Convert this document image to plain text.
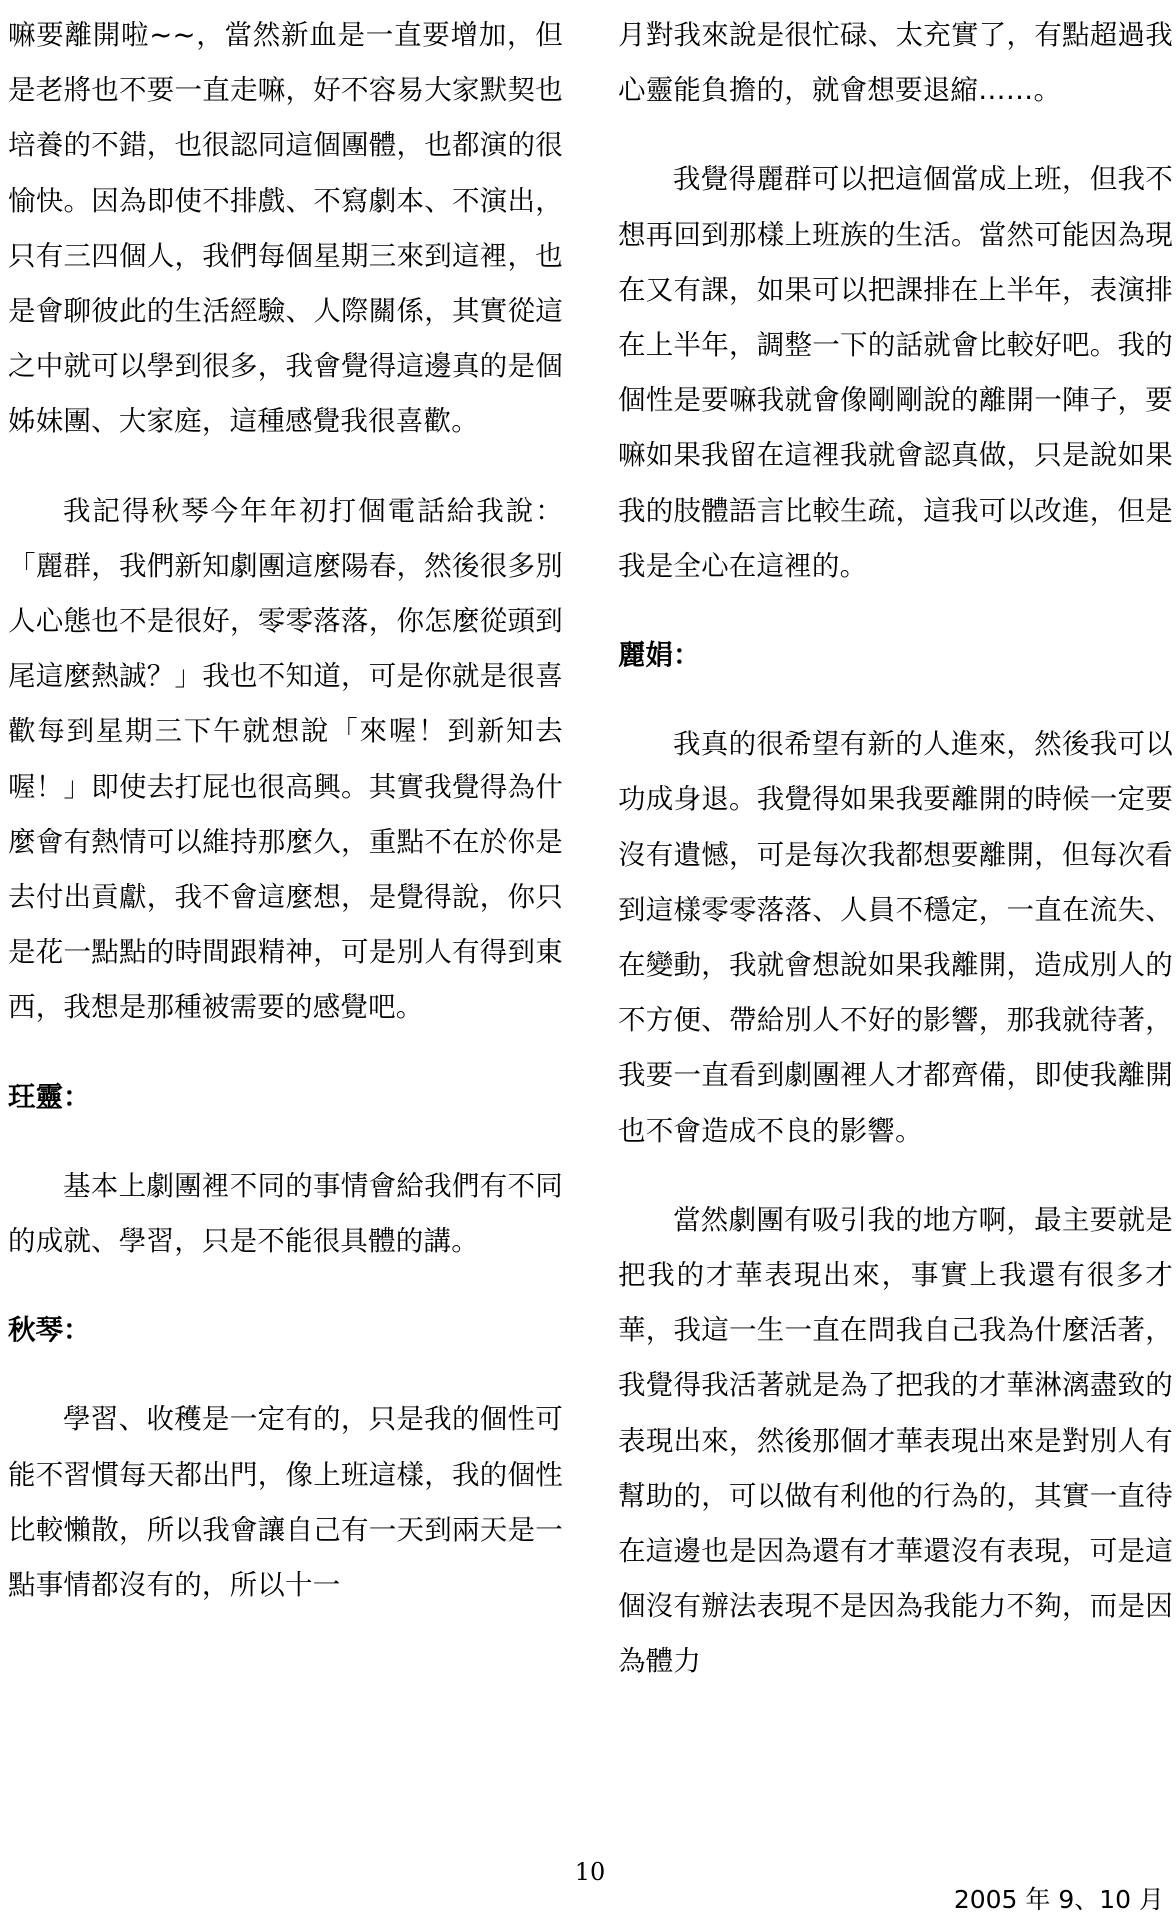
嘛要離開啦~~，當然新血是一直要增加，但是老將也不要一直走嘛，好不容易大家默契也培養的不錯，也很認同這個團體，也都演的很愉快。因為即使不排戲、不寫劇本、不演出，只有三四個人，我們每個星期三來到這裡，也是會聊彼此的生活經驗、人際關係，其實從這之中就可以學到很多，我會覺得這邊真的是個姊妹團、大家庭，這種感覺我很喜歡。

我記得秋琴今年年初打個電話給我說：「麗群，我們新知劇團這麼陽春，然後很多別人心態也不是很好，零零落落，你怎麼從頭到尾這麼熱誠？」我也不知道，可是你就是很喜歡每到星期三下午就想說「來喔！到新知去喔！」即使去打屁也很高興。其實我覺得為什麼會有熱情可以維持那麼久，重點不在於你是去付出貢獻，我不會這麼想，是覺得說，你只是花一點點的時間跟精神，可是別人有得到東西，我想是那種被需要的感覺吧。

玨靈：

基本上劇團裡不同的事情會給我們有不同的成就、學習，只是不能很具體的講。

秋琴：

學習、收穫是一定有的，只是我的個性可能不習慣每天都出門，像上班這樣，我的個性比較懶散，所以我會讓自己有一天到兩天是一點事情都沒有的，所以十一

月對我來說是很忙碌、太充實了，有點超過我心靈能負擔的，就會想要退縮……。

我覺得麗群可以把這個當成上班，但我不想再回到那樣上班族的生活。當然可能因為現在又有課，如果可以把課排在上半年，表演排在上半年，調整一下的話就會比較好吧。我的個性是要嘛我就會像剛剛說的離開一陣子，要嘛如果我留在這裡我就會認真做，只是說如果我的肢體語言比較生疏，這我可以改進，但是我是全心在這裡的。

麗娟：

我真的很希望有新的人進來，然後我可以功成身退。我覺得如果我要離開的時候一定要沒有遺憾，可是每次我都想要離開，但每次看到這樣零零落落、人員不穩定，一直在流失、在變動，我就會想說如果我離開，造成別人的不方便、帶給別人不好的影響，那我就待著，我要一直看到劇團裡人才都齊備，即使我離開也不會造成不良的影響。

當然劇團有吸引我的地方啊，最主要就是把我的才華表現出來，事實上我還有很多才華，我這一生一直在問我自己我為什麼活著，我覺得我活著就是為了把我的才華淋漓盡致的表現出來，然後那個才華表現出來是對別人有幫助的，可以做有利他的行為的，其實一直待在這邊也是因為還有才華還沒有表現，可是這個沒有辦法表現不是因為我能力不夠，而是因為體力

10
2005 年 9、10 月
